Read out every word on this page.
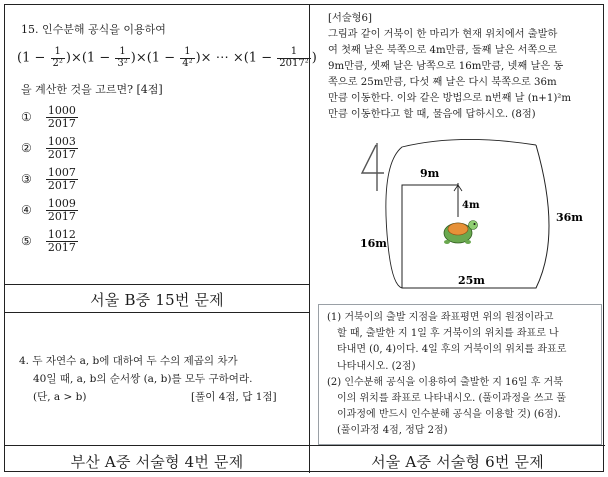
15. 인수분해 공식을 이용하여
$(1 - \frac{1}{\text{2²}} )\times(1 - \frac{1}{\text{3²}} )\times(1 - \frac{1}{\text{4²}}$ )× ⋯ $\times(1 - \frac{1}{\text{2017²}}$ )
을 계산한 것을 고르면? [4점]
① $\frac{1000}{2017}$
② $\frac{1003}{2017}$
③ $\frac{1007}{2017}$
④ $\frac{1009}{2017}$
⑤ $\frac{1012}{2017}$
서울 B중 15번 문제
4. 두 자연수 a, b에 대하여 두 수의 제곱의 차가
40일 때, a, b의 순서쌍 (a, b)를 모두 구하여라.
(단, a > b)	[풀이 4점, 답 1점]
부산 A중 서술형 4번 문제
[서술형6]
그림과 같이 거북이 한 마리가 현재 위치에서 출발하
여 첫째 날은 북쪽으로 4m만큼, 둘째 날은 서쪽으로
9m만큼, 셋째 날은 남쪽으로 16m만큼, 넷째 날은 동
쪽으로 25m만큼, 다섯 째 날은 다시 북쪽으로 36m
만큼 이동한다. 이와 같은 방법으로 n번째 날 (n+1)²m
만큼 이동한다고 할 때, 물음에 답하시오. (8점)
4
9m
4m
16m
25m
36m
(1) 거북이의 출발 지점을 좌표평면 위의 원점이라고
할 때, 출발한 지 1일 후 거북이의 위치를 좌표로 나
타내면 (0, 4)이다. 4일 후의 거북이의 위치를 좌표로
나타내시오. (2점)
(2) 인수분해 공식을 이용하여 출발한 지 16일 후 거북
이의 위치를 좌표로 나타내시오. (풀이과정을 쓰고 풀
이과정에 반드시 인수분해 공식을 이용할 것) (6점).
(풀이과정 4점, 정답 2점)
서울 A중 서술형 6번 문제
